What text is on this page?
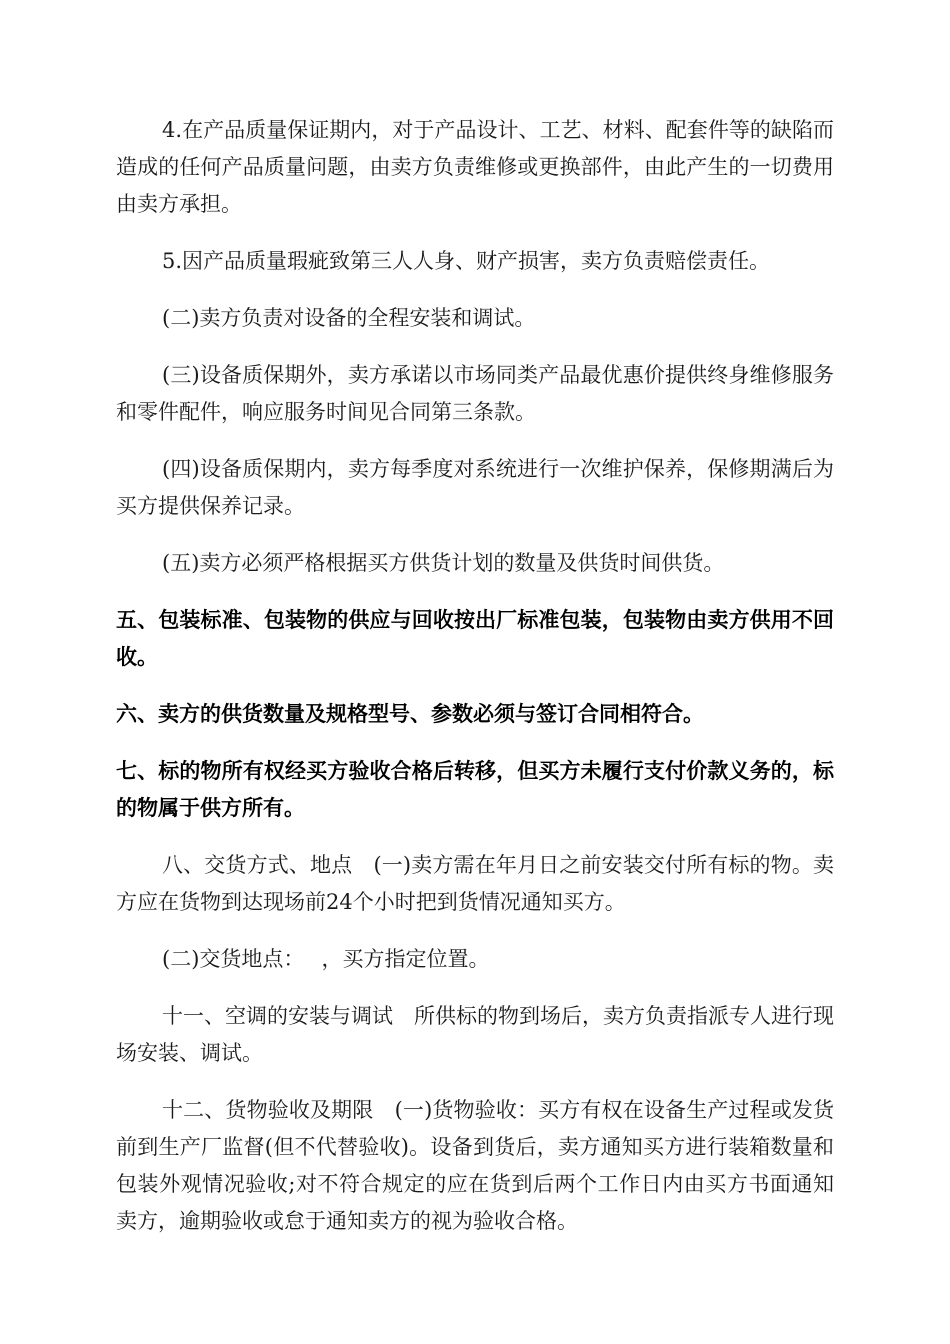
4.在产品质量保证期内，对于产品设计、工艺、材料、配套件等的缺陷而造成的任何产品质量问题，由卖方负责维修或更换部件，由此产生的一切费用由卖方承担。

5.因产品质量瑕疵致第三人人身、财产损害，卖方负责赔偿责任。

(二)卖方负责对设备的全程安装和调试。

(三)设备质保期外，卖方承诺以市场同类产品最优惠价提供终身维修服务和零件配件，响应服务时间见合同第三条款。

(四)设备质保期内，卖方每季度对系统进行一次维护保养，保修期满后为买方提供保养记录。

(五)卖方必须严格根据买方供货计划的数量及供货时间供货。

五、包装标准、包装物的供应与回收按出厂标准包装，包装物由卖方供用不回收。

六、卖方的供货数量及规格型号、参数必须与签订合同相符合。

七、标的物所有权经买方验收合格后转移，但买方未履行支付价款义务的，标的物属于供方所有。

八、交货方式、地点　(一)卖方需在年月日之前安装交付所有标的物。卖方应在货物到达现场前24个小时把到货情况通知买方。

(二)交货地点：　 ，买方指定位置。

十一、空调的安装与调试　所供标的物到场后，卖方负责指派专人进行现场安装、调试。

十二、货物验收及期限　(一)货物验收：买方有权在设备生产过程或发货前到生产厂监督(但不代替验收)。设备到货后，卖方通知买方进行装箱数量和包装外观情况验收;对不符合规定的应在货到后两个工作日内由买方书面通知卖方，逾期验收或怠于通知卖方的视为验收合格。
